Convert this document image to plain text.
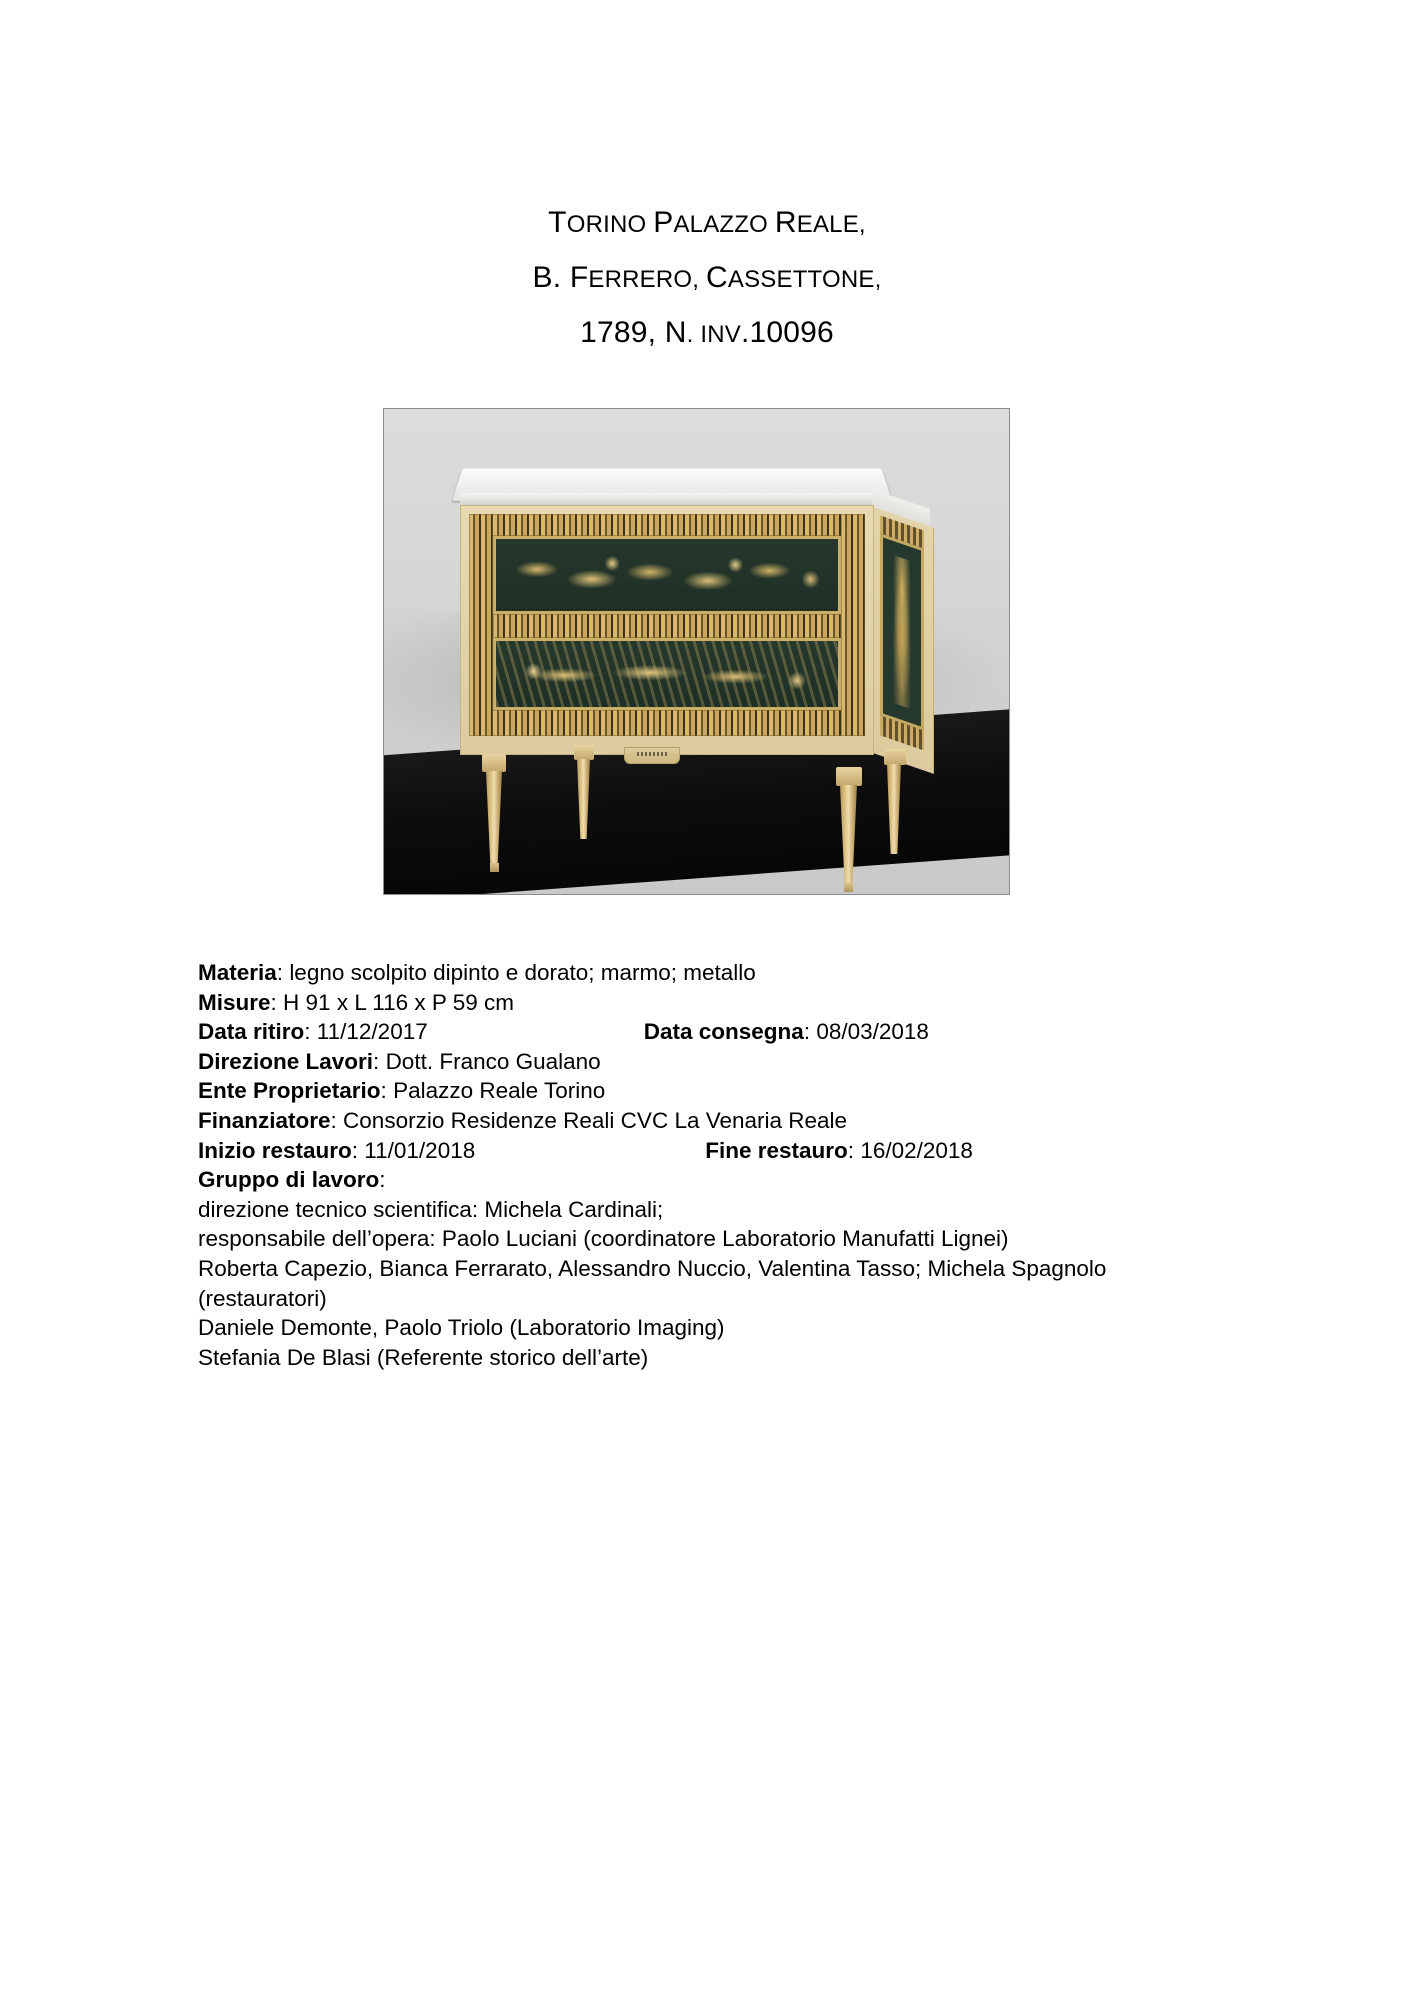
TORINO PALAZZO REALE,
B. FERRERO, CASSETTONE,
1789, N. INV.10096
Materia: legno scolpito dipinto e dorato; marmo; metallo
Misure: H 91 x L 116 x P 59 cm
Data ritiro: 11/12/2017	Data consegna: 08/03/2018
Direzione Lavori: Dott. Franco Gualano
Ente Proprietario: Palazzo Reale Torino
Finanziatore: Consorzio Residenze Reali CVC La Venaria Reale
Inizio restauro: 11/01/2018	Fine restauro: 16/02/2018
Gruppo di lavoro:
direzione tecnico scientifica: Michela Cardinali;
responsabile dell’opera: Paolo Luciani (coordinatore Laboratorio Manufatti Lignei)
Roberta Capezio, Bianca Ferrarato, Alessandro Nuccio, Valentina Tasso; Michela Spagnolo (restauratori)
Daniele Demonte, Paolo Triolo (Laboratorio Imaging)
Stefania De Blasi (Referente storico dell’arte)
